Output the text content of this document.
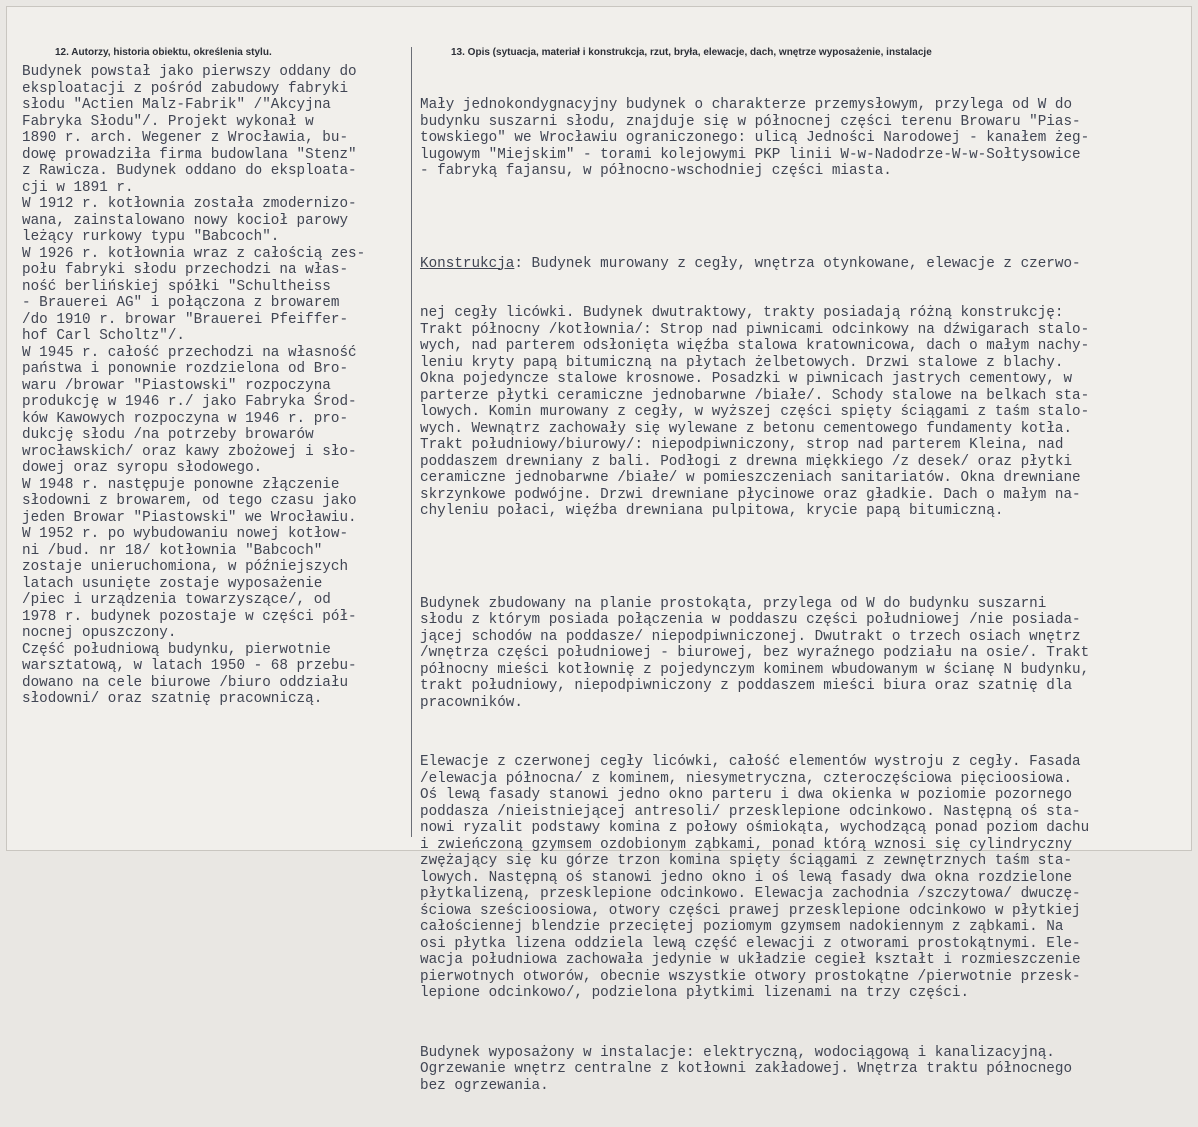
12. Autorzy, historia obiektu, określenia stylu.	13. Opis (sytuacja, materiał i konstrukcja, rzut, bryła, elewacje, dach, wnętrze wyposażenie, instalacje
Budynek powstał jako pierwszy oddany do
eksploatacji z pośród zabudowy fabryki
słodu "Actien Malz-Fabrik" /"Akcyjna
Fabryka Słodu"/. Projekt wykonał w
1890 r. arch. Wegener z Wrocławia, bu-
dowę prowadziła firma budowlana "Stenz"
z Rawicza. Budynek oddano do eksploata-
cji w 1891 r.
W 1912 r. kotłownia została zmodernizo-
wana, zainstalowano nowy kocioł parowy
leżący rurkowy typu "Babcoch".
W 1926 r. kotłownia wraz z całością zes-
połu fabryki słodu przechodzi na włas-
ność berlińskiej spółki "Schultheiss
- Brauerei AG" i połączona z browarem
/do 1910 r. browar "Brauerei Pfeiffer-
hof Carl Scholtz"/.
W 1945 r. całość przechodzi na własność
państwa i ponownie rozdzielona od Bro-
waru /browar "Piastowski" rozpoczyna
produkcję w 1946 r./ jako Fabryka Środ-
ków Kawowych rozpoczyna w 1946 r. pro-
dukcję słodu /na potrzeby browarów
wrocławskich/ oraz kawy zbożowej i sło-
dowej oraz syropu słodowego.
W 1948 r. następuje ponowne złączenie
słodowni z browarem, od tego czasu jako
jeden Browar "Piastowski" we Wrocławiu.
W 1952 r. po wybudowaniu nowej kotłow-
ni /bud. nr 18/ kotłownia "Babcoch"
zostaje unieruchomiona, w późniejszych
latach usunięte zostaje wyposażenie
/piec i urządzenia towarzyszące/, od
1978 r. budynek pozostaje w części pół-
nocnej opuszczony.
Część południową budynku, pierwotnie
warsztatową, w latach 1950 - 68 przebu-
dowano na cele biurowe /biuro oddziału
słodowni/ oraz szatnię pracowniczą.

Mały jednokondygnacyjny budynek o charakterze przemysłowym, przylega od W do
budynku suszarni słodu, znajduje się w północnej części terenu Browaru "Pias-
towskiego" we Wrocławiu ograniczonego: ulicą Jedności Narodowej - kanałem żeg-
lugowym "Miejskim" - torami kolejowymi PKP linii W-w-Nadodrze-W-w-Sołtysowice
- fabryką fajansu, w północno-wschodniej części miasta.

Konstrukcja: Budynek murowany z cegły, wnętrza otynkowane, elewacje z czerwo-

nej cegły licówki. Budynek dwutraktowy, trakty posiadają różną konstrukcję:
Trakt północny /kotłownia/: Strop nad piwnicami odcinkowy na dźwigarach stalo-
wych, nad parterem odsłonięta więźba stalowa kratownicowa, dach o małym nachy-
leniu kryty papą bitumiczną na płytach żelbetowych. Drzwi stalowe z blachy.
Okna pojedyncze stalowe krosnowe. Posadzki w piwnicach jastrych cementowy, w
parterze płytki ceramiczne jednobarwne /białe/. Schody stalowe na belkach sta-
lowych. Komin murowany z cegły, w wyższej części spięty ściągami z taśm stalo-
wych. Wewnątrz zachowały się wylewane z betonu cementowego fundamenty kotła.
Trakt południowy/biurowy/: niepodpiwniczony, strop nad parterem Kleina, nad
poddaszem drewniany z bali. Podłogi z drewna miękkiego /z desek/ oraz płytki
ceramiczne jednobarwne /białe/ w pomieszczeniach sanitariatów. Okna drewniane
skrzynkowe podwójne. Drzwi drewniane płycinowe oraz gładkie. Dach o małym na-
chyleniu połaci, więźba drewniana pulpitowa, krycie papą bitumiczną.

Budynek zbudowany na planie prostokąta, przylega od W do budynku suszarni
słodu z którym posiada połączenia w poddaszu części południowej /nie posiada-
jącej schodów na poddasze/ niepodpiwniczonej. Dwutrakt o trzech osiach wnętrz
/wnętrza części południowej - biurowej, bez wyraźnego podziału na osie/. Trakt
północny mieści kotłownię z pojedynczym kominem wbudowanym w ścianę N budynku,
trakt południowy, niepodpiwniczony z poddaszem mieści biura oraz szatnię dla
pracowników.

Elewacje z czerwonej cegły licówki, całość elementów wystroju z cegły. Fasada
/elewacja północna/ z kominem, niesymetryczna, czteroczęściowa pięcioosiowa.
Oś lewą fasady stanowi jedno okno parteru i dwa okienka w poziomie pozornego
poddasza /nieistniejącej antresoli/ przesklepione odcinkowo. Następną oś sta-
nowi ryzalit podstawy komina z połowy ośmiokąta, wychodzącą ponad poziom dachu
i zwieńczoną gzymsem ozdobionym ząbkami, ponad którą wznosi się cylindryczny
zwężający się ku górze trzon komina spięty ściągami z zewnętrznych taśm sta-
lowych. Następną oś stanowi jedno okno i oś lewą fasady dwa okna rozdzielone
płytkalizeną, przesklepione odcinkowo. Elewacja zachodnia /szczytowa/ dwuczę-
ściowa sześcioosiowa, otwory części prawej przesklepione odcinkowo w płytkiej
całościennej blendzie przeciętej poziomym gzymsem nadokiennym z ząbkami. Na
osi płytka lizena oddziela lewą część elewacji z otworami prostokątnymi. Ele-
wacja południowa zachowała jedynie w układzie cegieł kształt i rozmieszczenie
pierwotnych otworów, obecnie wszystkie otwory prostokątne /pierwotnie przesk-
lepione odcinkowo/, podzielona płytkimi lizenami na trzy części.

Budynek wyposażony w instalacje: elektryczną, wodociągową i kanalizacyjną.
Ogrzewanie wnętrz centralne z kotłowni zakładowej. Wnętrza traktu północnego
bez ogrzewania.
